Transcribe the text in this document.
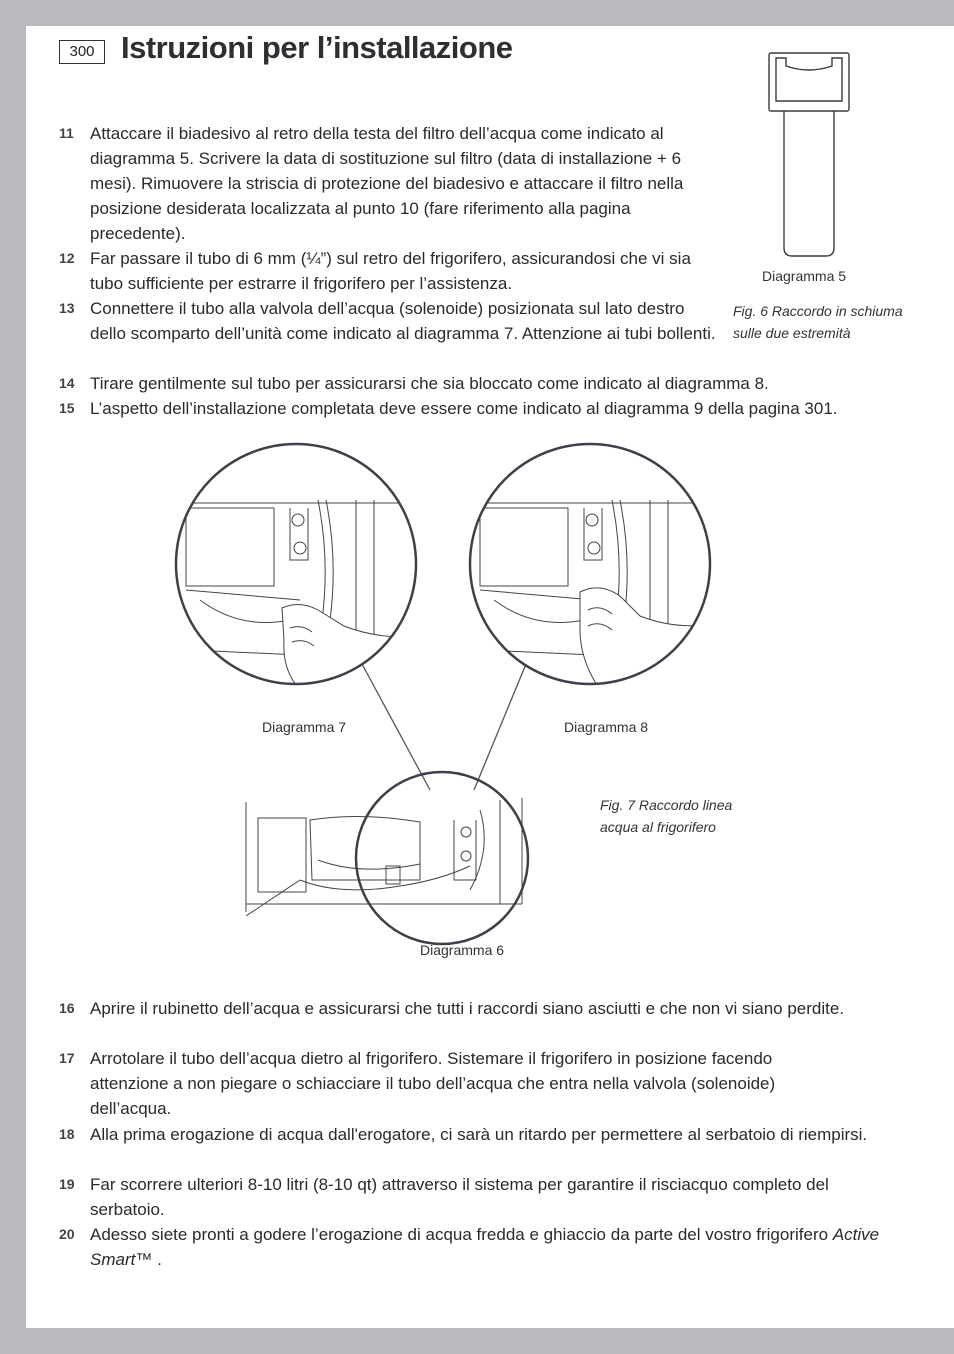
300 Istruzioni per l’installazione
11 Attaccare il biadesivo al retro della testa del filtro dell’acqua come indicato al diagramma 5. Scrivere la data di sostituzione sul filtro (data di installazione + 6 mesi). Rimuovere la striscia di protezione del biadesivo e attaccare il filtro nella posizione desiderata localizzata al punto 10 (fare riferimento alla pagina precedente).
12 Far passare il tubo di 6 mm (¼”) sul retro del frigorifero, assicurandosi che vi sia tubo sufficiente per estrarre il frigorifero per l’assistenza.
13 Connettere il tubo alla valvola dell’acqua (solenoide) posizionata sul lato destro dello scomparto dell’unità come indicato al diagramma 7. Attenzione ai tubi bollenti.
14 Tirare gentilmente sul tubo per assicurarsi che sia bloccato come indicato al diagramma 8.
15 L’aspetto dell’installazione completata deve essere come indicato al diagramma 9 della pagina 301.
Diagramma 5
Fig. 6 Raccordo in schiuma
sulle due estremità
Diagramma 7	Diagramma 8
Fig. 7 Raccordo linea
acqua al frigorifero
Diagramma 6
16 Aprire il rubinetto dell’acqua e assicurarsi che tutti i raccordi siano asciutti e che non vi siano perdite.
17 Arrotolare il tubo dell’acqua dietro al frigorifero. Sistemare il frigorifero in posizione facendo attenzione a non piegare o schiacciare il tubo dell’acqua che entra nella valvola (solenoide) dell’acqua.
18 Alla prima erogazione di acqua dall'erogatore, ci sarà un ritardo per permettere al serbatoio di riempirsi.
19 Far scorrere ulteriori 8-10 litri (8-10 qt) attraverso il sistema per garantire il risciacquo completo del serbatoio.
20 Adesso siete pronti a godere l’erogazione di acqua fredda e ghiaccio da parte del vostro frigorifero Active Smart™ .
